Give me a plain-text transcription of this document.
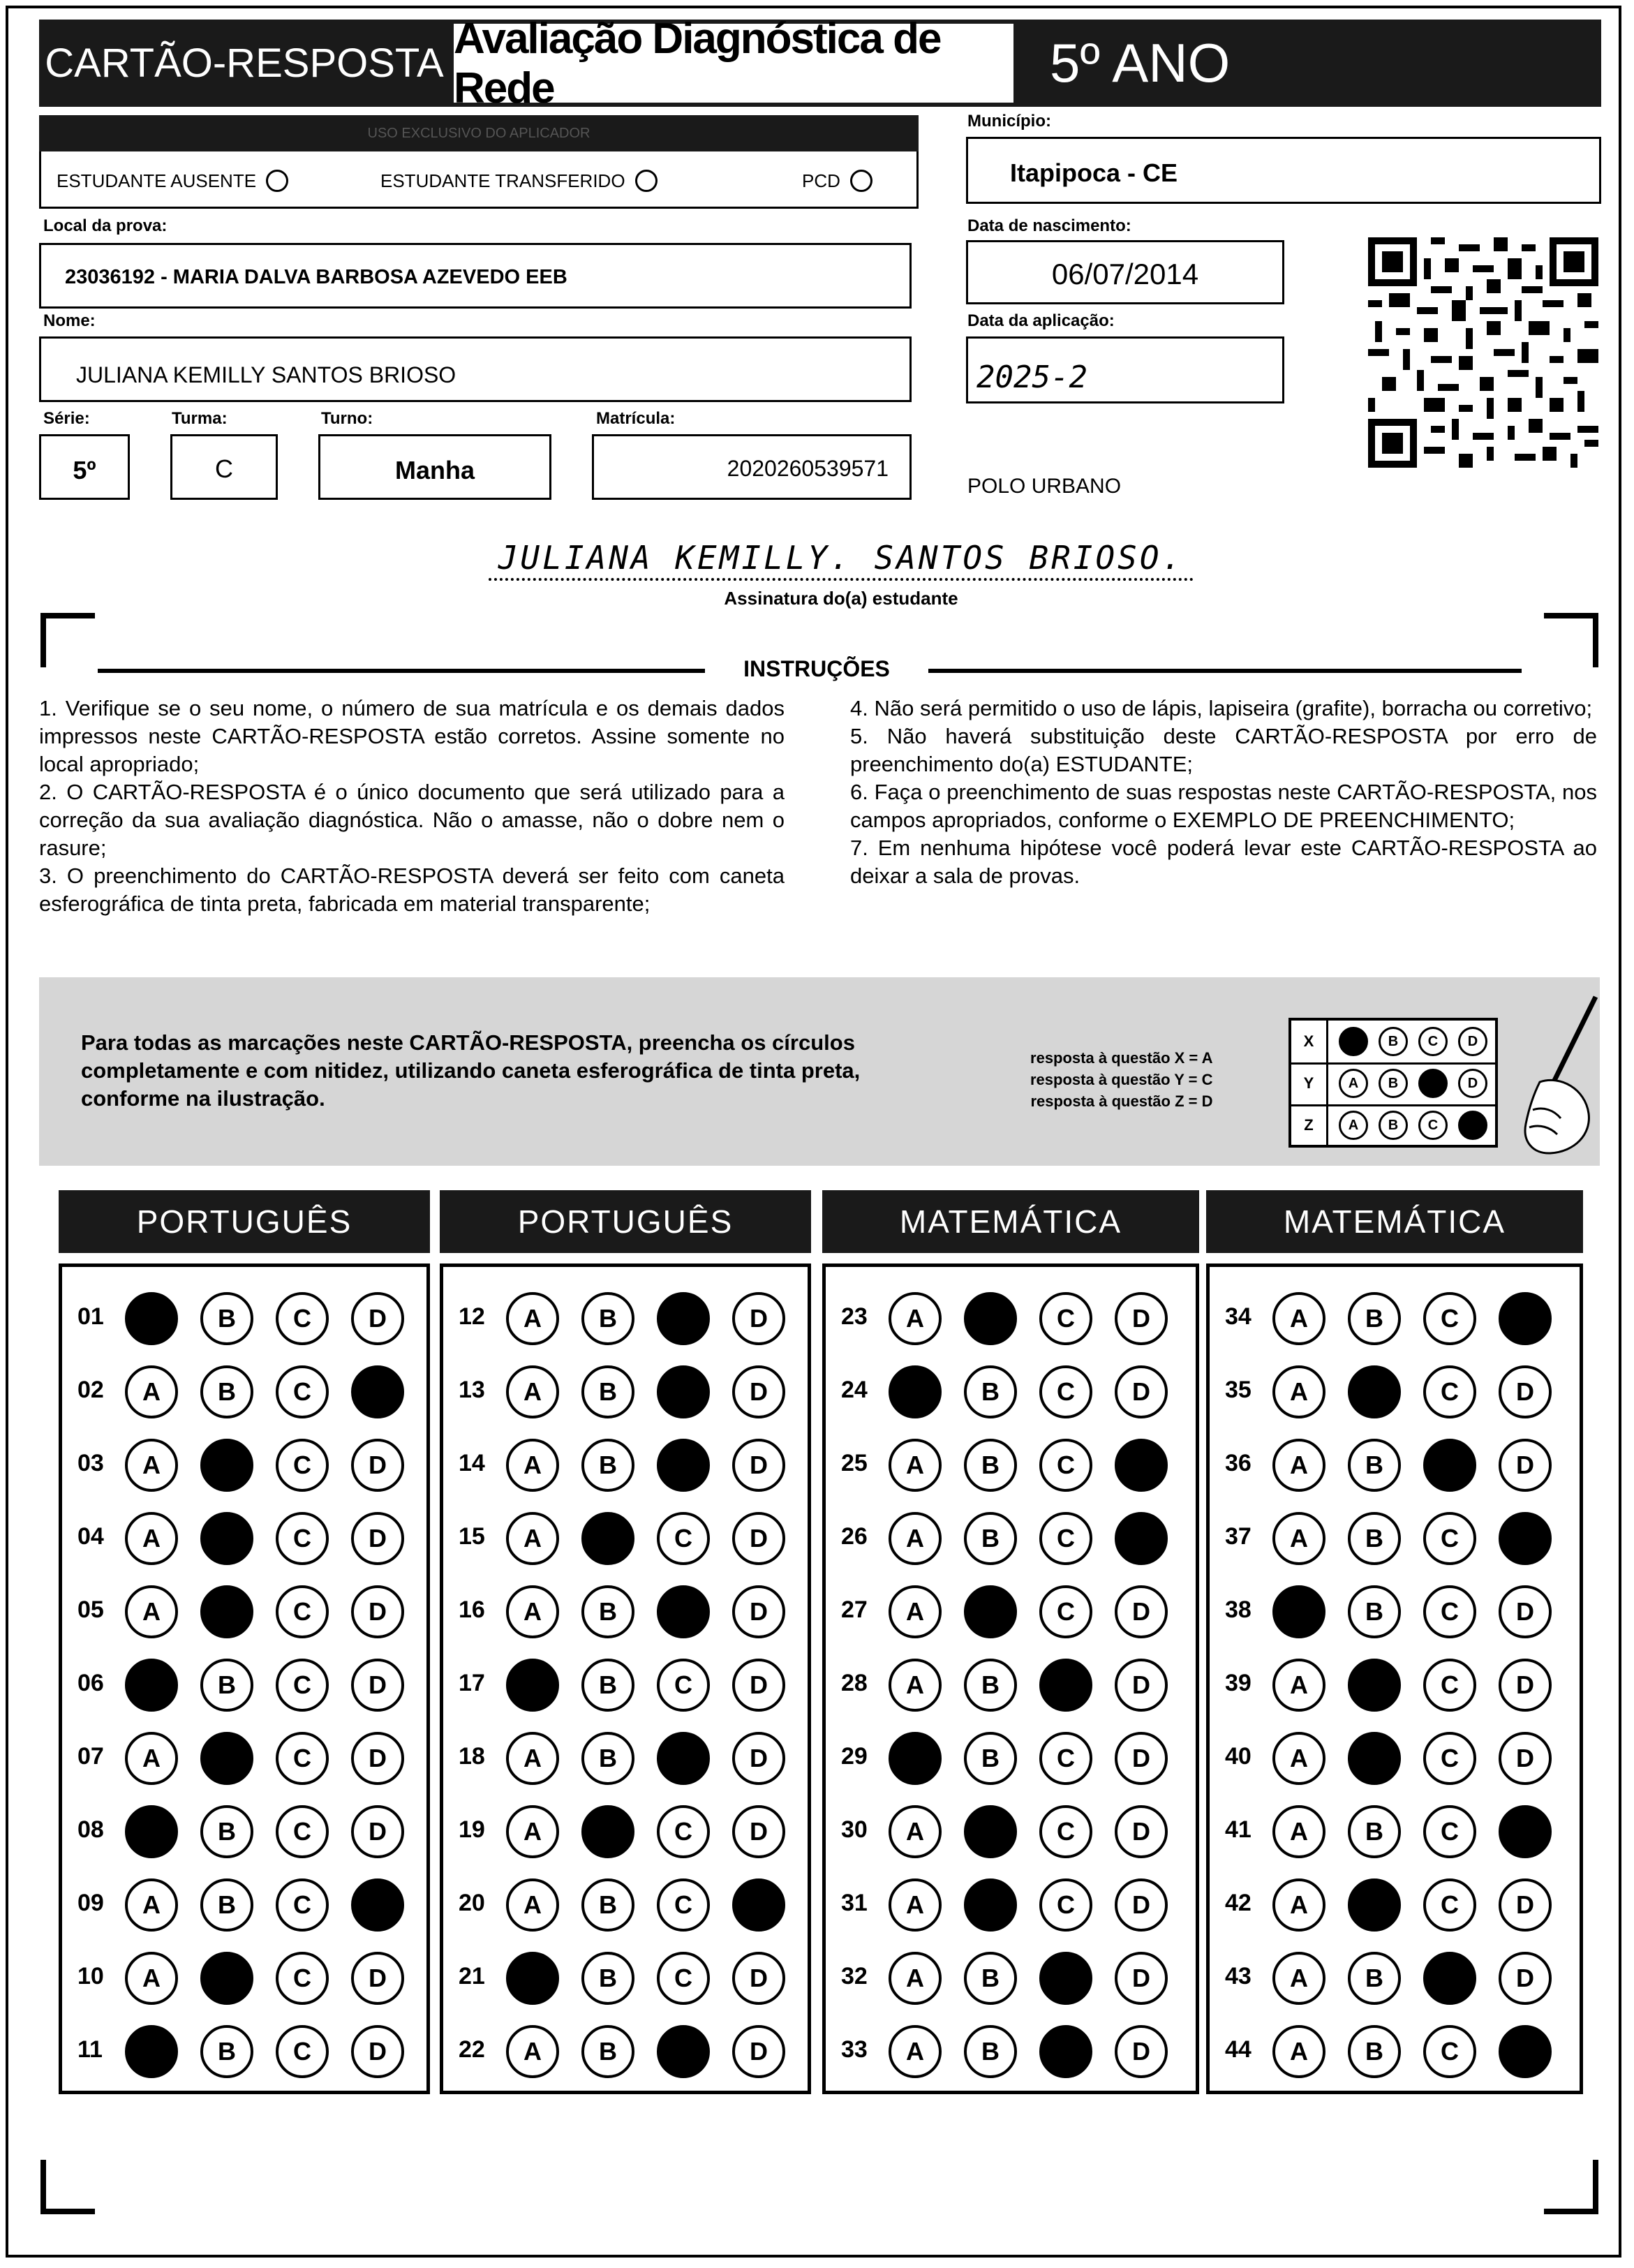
CARTÃO-RESPOSTA
Avaliação Diagnóstica de Rede	5º ANO
USO EXCLUSIVO DO APLICADOR
ESTUDANTE AUSENTE	ESTUDANTE TRANSFERIDO	PCD
Município:
Itapipoca - CE
Local da prova:
23036192 - MARIA DALVA BARBOSA AZEVEDO EEB
Data de nascimento:
06/07/2014
Nome:
JULIANA KEMILLY SANTOS BRIOSO
Data da aplicação:
2025-2
Série:
5º
Turma:
C
Turno:
Manha
Matrícula:
2020260539571
POLO URBANO
JULIANA KEMILLY. SANTOS BRIOSO.
Assinatura do(a) estudante
INSTRUÇÕES

1. Verifique se o seu nome, o número de sua matrícula e os demais dados impressos neste CARTÃO-RESPOSTA estão corretos. Assine somente no local apropriado;

2. O CARTÃO-RESPOSTA é o único documento que será utilizado para a correção da sua avaliação diagnóstica. Não o amasse, não o dobre nem o rasure;

3. O preenchimento do CARTÃO-RESPOSTA deverá ser feito com caneta esferográfica de tinta preta, fabricada em material transparente;

4. Não será permitido o uso de lápis, lapiseira (grafite), borracha ou corretivo;

5. Não haverá substituição deste CARTÃO-RESPOSTA por erro de preenchimento do(a) ESTUDANTE;

6. Faça o preenchimento de suas respostas neste CARTÃO-RESPOSTA, nos campos apropriados, conforme o EXEMPLO DE PREENCHIMENTO;

7. Em nenhuma hipótese você poderá levar este CARTÃO-RESPOSTA ao deixar a sala de provas.

Para todas as marcações neste CARTÃO-RESPOSTA, preencha os círculos completamente e com nitidez, utilizando caneta esferográfica de tinta preta, conforme na ilustração.
resposta à questão X = A
resposta à questão Y = C
resposta à questão Z = D
X	A	B	C	D
Y	A	B	C	D
Z	A	B	C	D
PORTUGUÊS	PORTUGUÊS	MATEMÁTICA	MATEMÁTICA
01	A	B	C	D
02	A	B	C	D
03	A	B	C	D
04	A	B	C	D
05	A	B	C	D
06	A	B	C	D
07	A	B	C	D
08	A	B	C	D
09	A	B	C	D
10	A	B	C	D
11	A	B	C	D
12	A	B	C	D
13	A	B	C	D
14	A	B	C	D
15	A	B	C	D
16	A	B	C	D
17	A	B	C	D
18	A	B	C	D
19	A	B	C	D
20	A	B	C	D
21	A	B	C	D
22	A	B	C	D
23	A	B	C	D
24	A	B	C	D
25	A	B	C	D
26	A	B	C	D
27	A	B	C	D
28	A	B	C	D
29	A	B	C	D
30	A	B	C	D
31	A	B	C	D
32	A	B	C	D
33	A	B	C	D
34	A	B	C	D
35	A	B	C	D
36	A	B	C	D
37	A	B	C	D
38	A	B	C	D
39	A	B	C	D
40	A	B	C	D
41	A	B	C	D
42	A	B	C	D
43	A	B	C	D
44	A	B	C	D
